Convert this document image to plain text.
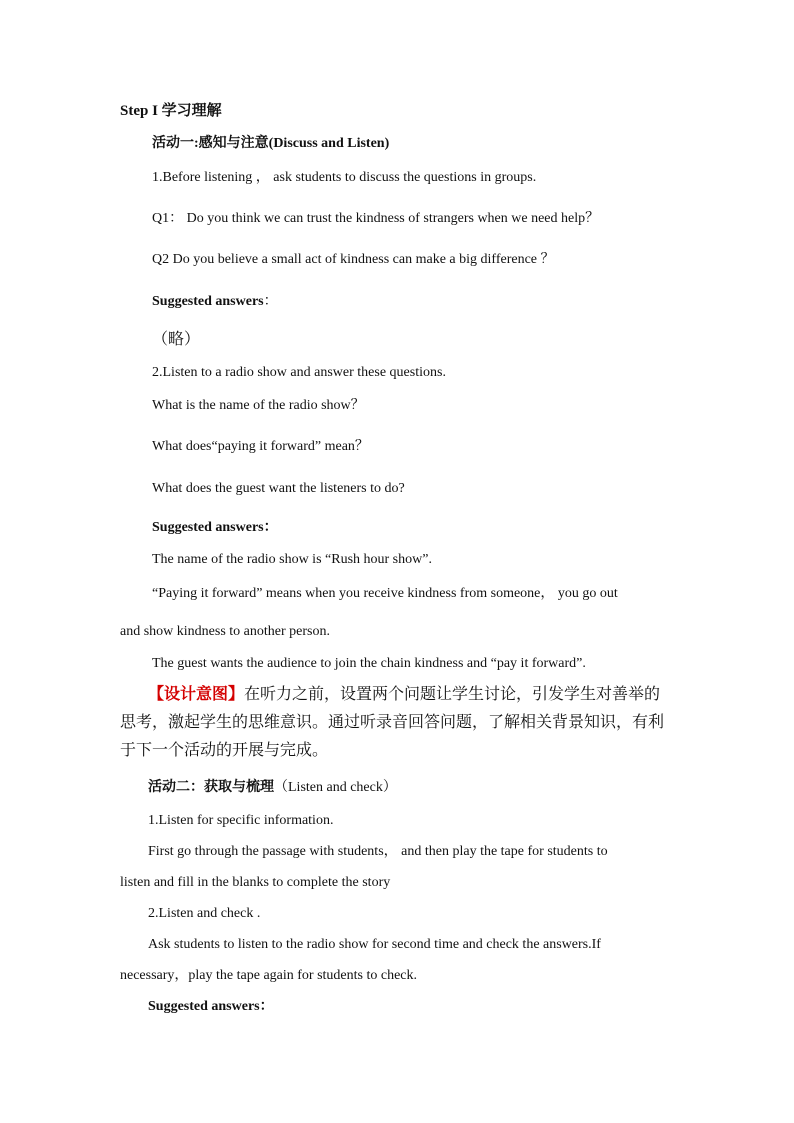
Step I 学习理解
活动一:感知与注意(Discuss and Listen)
1.Before listening ， ask students to discuss the questions in groups.
Q1： Do you think we can trust the kindness of strangers when we need help？
Q2 Do you believe a small act of kindness can make a big difference ？
Suggested answers：
（略）
2.Listen to a radio show and answer these questions.
What is the name of the radio show？
What does“paying it forward” mean？
What does the guest want the listeners to do?
Suggested answers：
The name of the radio show is “Rush hour show”.
“Paying it forward” means when you receive kindness from someone， you go out
and show kindness to another person.
The guest wants the audience to join the chain kindness and “pay it forward”.
【设计意图】在听力之前，设置两个问题让学生讨论，引发学生对善举的思考，激起学生的思维意识。通过听录音回答问题，了解相关背景知识，有利于下一个活动的开展与完成。
活动二：获取与梳理（Listen and check）
1.Listen for specific information.
First go through the passage with students， and then play the tape for students to
listen and fill in the blanks to complete the story
2.Listen and check .
Ask students to listen to the radio show for second time and check the answers.If
necessary，play the tape again for students to check.
Suggested answers：
